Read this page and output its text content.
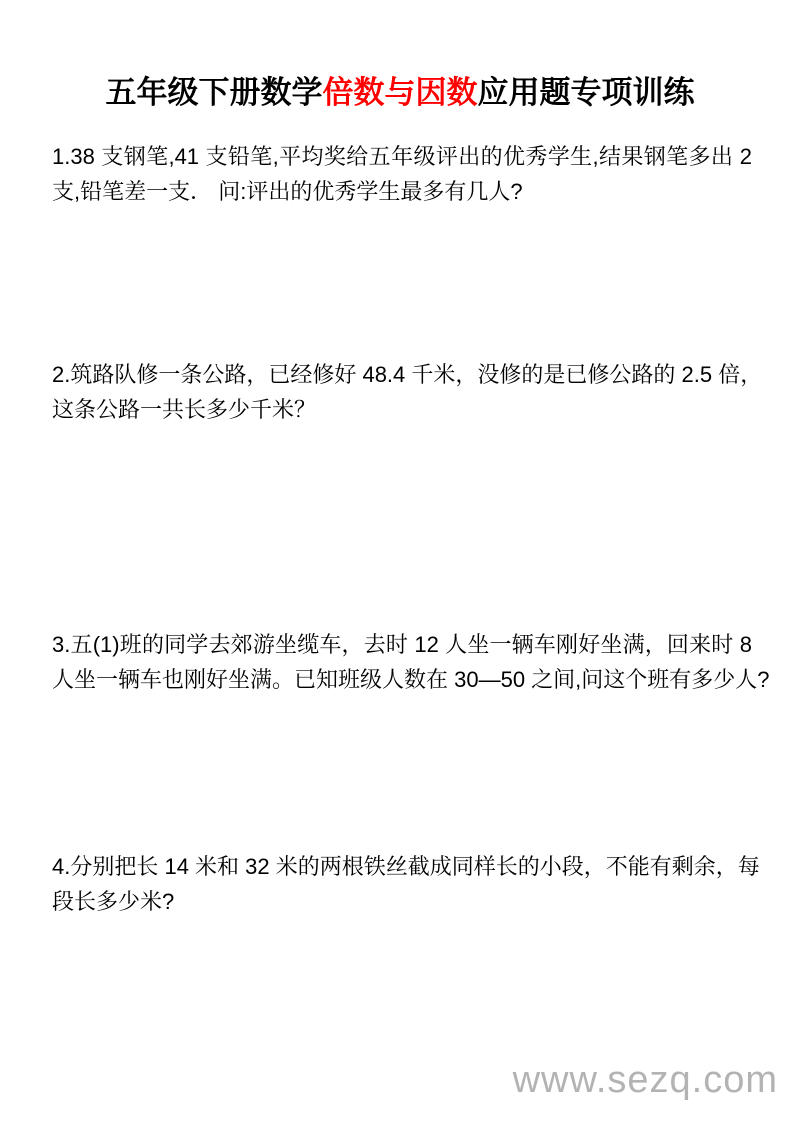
五年级下册数学倍数与因数应用题专项训练
1.38 支钢笔,41 支铅笔,平均奖给五年级评出的优秀学生,结果钢笔多出 2
支,铅笔差一支． 问:评出的优秀学生最多有几人?
2.筑路队修一条公路，已经修好 48.4 千米，没修的是已修公路的 2.5 倍，
这条公路一共长多少千米？
3.五(1)班的同学去郊游坐缆车，去时 12 人坐一辆车刚好坐满，回来时 8
人坐一辆车也刚好坐满。已知班级人数在 30—50 之间,问这个班有多少人?
4.分别把长 14 米和 32 米的两根铁丝截成同样长的小段，不能有剩余，每
段长多少米?
www.sezq.com
